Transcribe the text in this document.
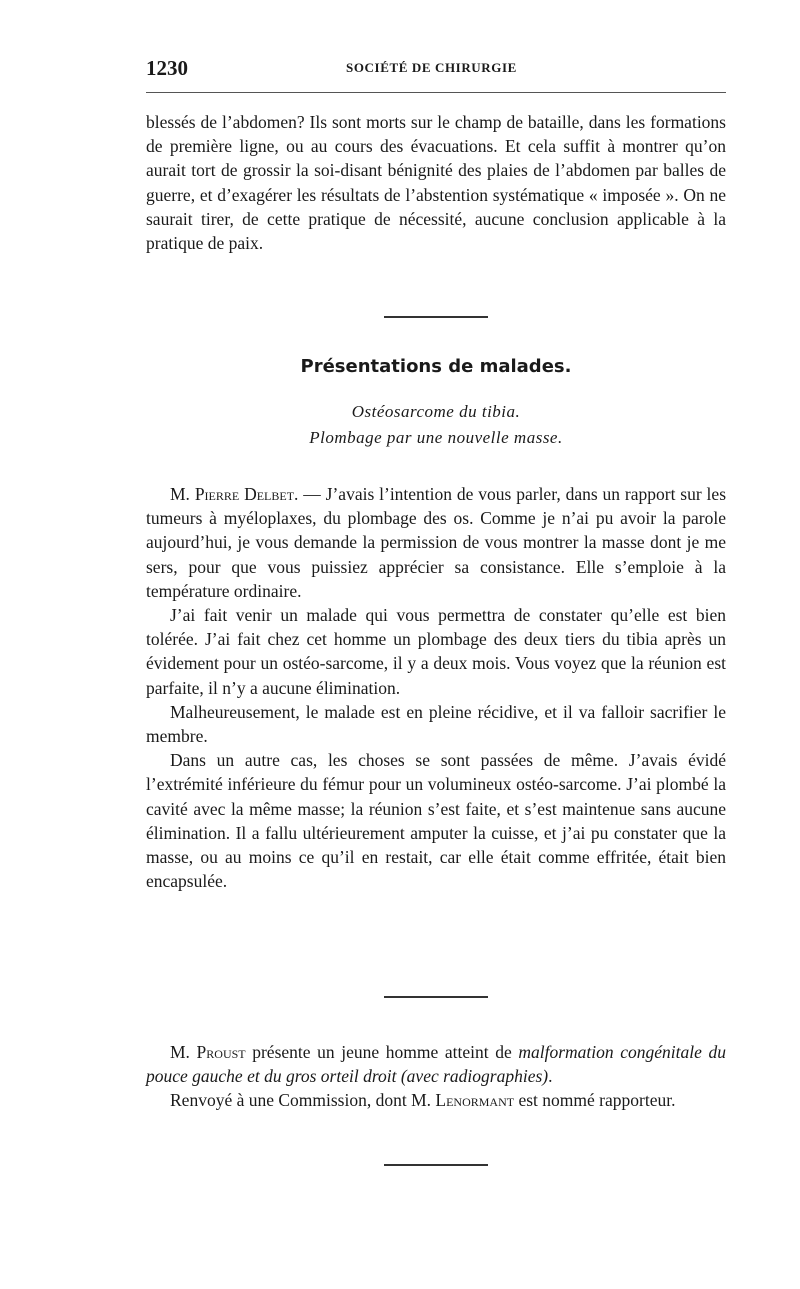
1230	SOCIÉTÉ DE CHIRURGIE

blessés de l’abdomen? Ils sont morts sur le champ de bataille, dans les formations de première ligne, ou au cours des évacuations. Et cela suffit à montrer qu’on aurait tort de grossir la soi-disant bénignité des plaies de l’abdomen par balles de guerre, et d’exagérer les résultats de l’abstention systématique « imposée ». On ne saurait tirer, de cette pratique de nécessité, aucune conclusion applicable à la pratique de paix.

Présentations de malades.
Ostéosarcome du tibia.
Plombage par une nouvelle masse.

M. Pierre Delbet. — J’avais l’intention de vous parler, dans un rapport sur les tumeurs à myéloplaxes, du plombage des os. Comme je n’ai pu avoir la parole aujourd’hui, je vous demande la permission de vous montrer la masse dont je me sers, pour que vous puissiez apprécier sa consistance. Elle s’emploie à la température ordinaire.

J’ai fait venir un malade qui vous permettra de constater qu’elle est bien tolérée. J’ai fait chez cet homme un plombage des deux tiers du tibia après un évidement pour un ostéo-sarcome, il y a deux mois. Vous voyez que la réunion est parfaite, il n’y a aucune élimination.

Malheureusement, le malade est en pleine récidive, et il va falloir sacrifier le membre.

Dans un autre cas, les choses se sont passées de même. J’avais évidé l’extrémité inférieure du fémur pour un volumineux ostéo-sarcome. J’ai plombé la cavité avec la même masse; la réunion s’est faite, et s’est maintenue sans aucune élimination. Il a fallu ultérieurement amputer la cuisse, et j’ai pu constater que la masse, ou au moins ce qu’il en restait, car elle était comme effritée, était bien encapsulée.

M. Proust présente un jeune homme atteint de malformation congénitale du pouce gauche et du gros orteil droit (avec radiographies).

Renvoyé à une Commission, dont M. Lenormant est nommé rapporteur.
